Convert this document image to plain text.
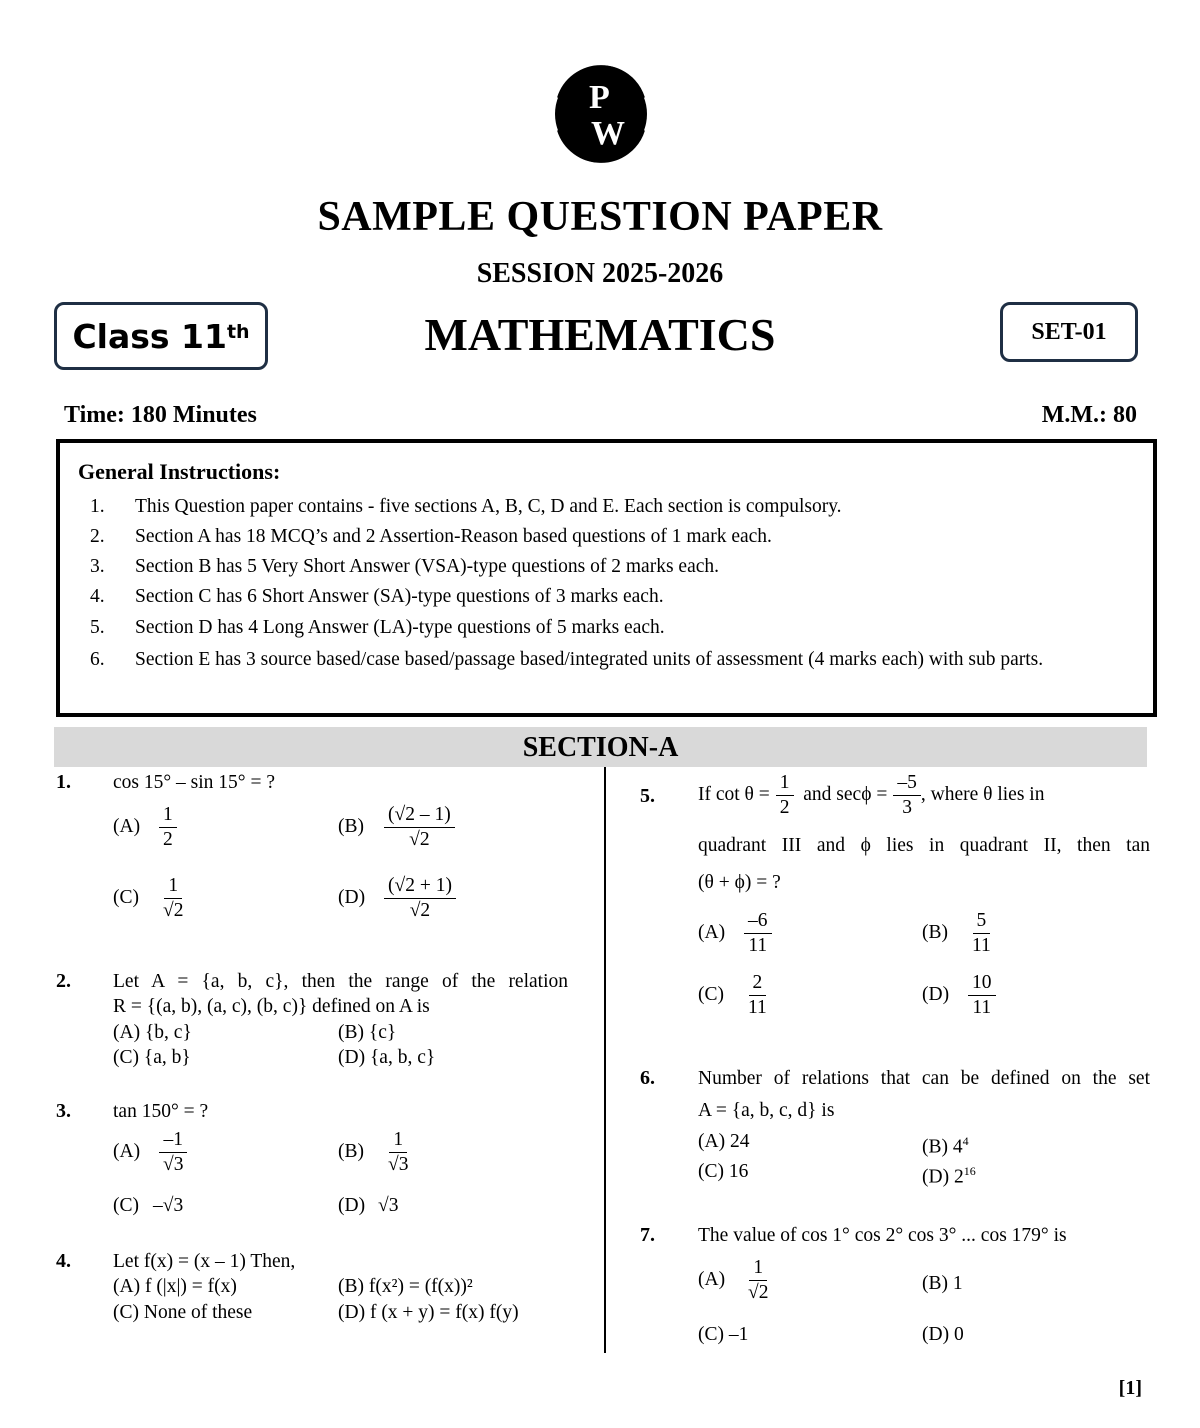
P
W
SAMPLE QUESTION PAPER
SESSION 2025-2026
MATHEMATICS
Class 11th	SET-01
Time: 180 Minutes	M.M.: 80
General Instructions:
1. This Question paper contains - five sections A, B, C, D and E. Each section is compulsory.
2. Section A has 18 MCQ’s and 2 Assertion-Reason based questions of 1 mark each.
3. Section B has 5 Very Short Answer (VSA)-type questions of 2 marks each.
4. Section C has 6 Short Answer (SA)-type questions of 3 marks each.
5. Section D has 4 Long Answer (LA)-type questions of 5 marks each.
6. Section E has 3 source based/case based/passage based/integrated units of assessment (4 marks each) with sub parts.
SECTION-A
1. cos 15° – sin 15° = ?
$(A) \frac{1}{2}$	$(B) \frac{(√2 - 1)}{√2}$
$(C) \frac{1}{√2}$	$(D) \frac{(√2 + 1)}{√2}$
2. Let A = {a, b, c}, then the range of the relation
R = {(a, b), (a, c), (b, c)} defined on A is
(A) {b, c}	(B) {c}
(C) {a, b}	(D) {a, b, c}
3. tan 150° = ?
$(A) \frac{-1}{√3}$	$(B) \frac{1}{√3}$
(C) –√3	(D) √3
4. Let f(x) = (x – 1) Then,
(A) f (|x|) = f(x)	(B) f(x²) = (f(x))²
(C) None of these	(D) f (x + y) = f(x) f(y)
5. If $\cot \theta = \frac{1}{2}$ and $\sec\phi = \frac{-5}{3}$ , where θ lies in
quadrant III and ϕ lies in quadrant II, then tan
(θ + ϕ) = ?
$(A) \frac{-6}{11}$	$(B) \frac{5}{11}$
$(C) \frac{2}{11}$	$(D) \frac{10}{11}$
6. Number of relations that can be defined on the set
A = {a, b, c, d} is
(A) 24	(B) $4^4$
(C) 16	(D) $2^{16}$
7. The value of cos 1° cos 2° cos 3° ... cos 179° is
$(A) \frac{1}{√2}$	(B) 1
(C) –1	(D) 0
[1]
